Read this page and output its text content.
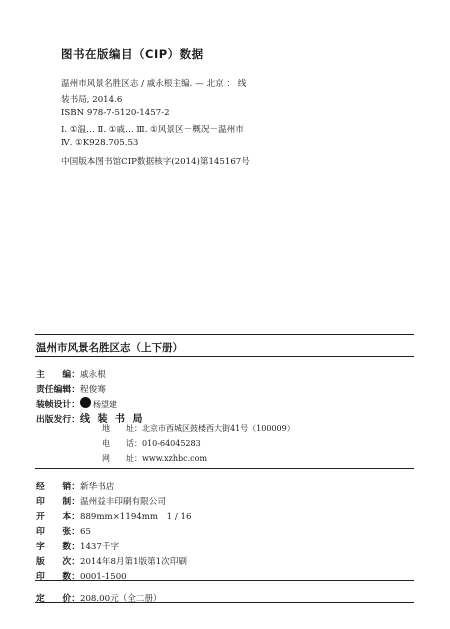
图书在版编目（CIP）数据
温州市风景名胜区志 / 戚永根主编. — 北京 ： 线
装书局, 2014.6
ISBN 978-7-5120-1457-2
Ⅰ. ①温… Ⅱ. ①戚… Ⅲ. ①风景区－概况－温州市
Ⅳ. ①K928.705.53
中国版本图书馆CIP数据核字(2014)第145167号
温州市风景名胜区志（上下册）
主　　编：戚永根
责任编辑：程俊骞
装帧设计： 杨望建
出版发行：线 装 书 局
地　　址：北京市西城区鼓楼西大街41号（100009）
电　　话：010-64045283
网　　址：www.xzhbc.com
经　　销：新华书店
印　　制：温州益丰印刷有限公司
开　　本：889mm×1194mm　1 / 16
印　　张：65
字　　数：1437千字
版　　次：2014年8月第1版第1次印刷
印　　数：0001-1500
定　　价：208.00元（全二册）
